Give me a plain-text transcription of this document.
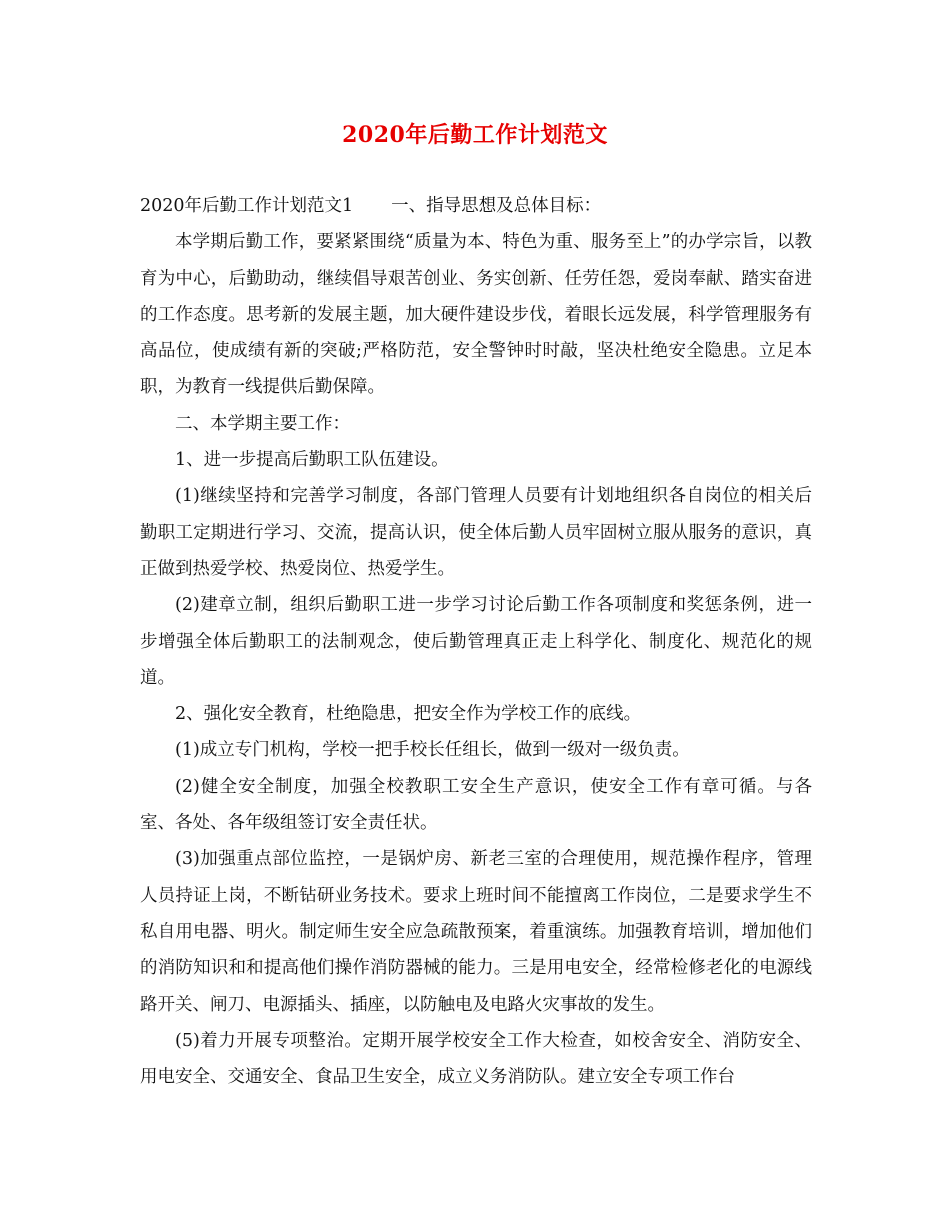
2020年后勤工作计划范文

2020年后勤工作计划范文1 一、指导思想及总体目标：

本学期后勤工作，要紧紧围绕“质量为本、特色为重、服务至上”的办学宗旨，以教育为中心，后勤助动，继续倡导艰苦创业、务实创新、任劳任怨，爱岗奉献、踏实奋进的工作态度。思考新的发展主题，加大硬件建设步伐，着眼长远发展，科学管理服务有高品位，使成绩有新的突破;严格防范，安全警钟时时敲，坚决杜绝安全隐患。立足本职，为教育一线提供后勤保障。

二、本学期主要工作：

1、进一步提高后勤职工队伍建设。

(1)继续坚持和完善学习制度，各部门管理人员要有计划地组织各自岗位的相关后勤职工定期进行学习、交流，提高认识，使全体后勤人员牢固树立服从服务的意识，真正做到热爱学校、热爱岗位、热爱学生。

(2)建章立制，组织后勤职工进一步学习讨论后勤工作各项制度和奖惩条例，进一步增强全体后勤职工的法制观念，使后勤管理真正走上科学化、制度化、规范化的规道。

2、强化安全教育，杜绝隐患，把安全作为学校工作的底线。

(1)成立专门机构，学校一把手校长任组长，做到一级对一级负责。

(2)健全安全制度，加强全校教职工安全生产意识，使安全工作有章可循。与各室、各处、各年级组签订安全责任状。

(3)加强重点部位监控，一是锅炉房、新老三室的合理使用，规范操作程序，管理人员持证上岗，不断钻研业务技术。要求上班时间不能擅离工作岗位，二是要求学生不私自用电器、明火。制定师生安全应急疏散预案，着重演练。加强教育培训，增加他们的消防知识和和提高他们操作消防器械的能力。三是用电安全，经常检修老化的电源线路开关、闸刀、电源插头、插座，以防触电及电路火灾事故的发生。

(5)着力开展专项整治。定期开展学校安全工作大检查，如校舍安全、消防安全、用电安全、交通安全、食品卫生安全，成立义务消防队。建立安全专项工作台
